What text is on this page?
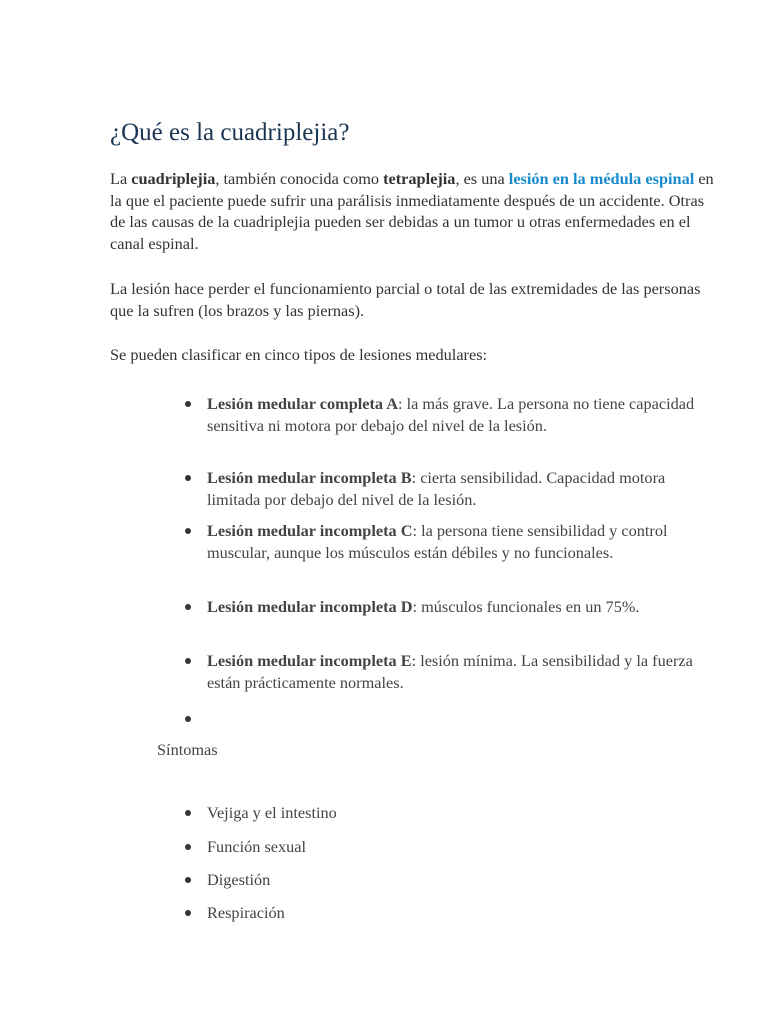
¿Qué es la cuadriplejia?

La cuadriplejia, también conocida como tetraplejia, es una lesión en la médula espinal en la que el paciente puede sufrir una parálisis inmediatamente después de un accidente. Otras de las causas de la cuadriplejia pueden ser debidas a un tumor u otras enfermedades en el canal espinal.

La lesión hace perder el funcionamiento parcial o total de las extremidades de las personas que la sufren (los brazos y las piernas).

Se pueden clasificar en cinco tipos de lesiones medulares:

Lesión medular completa A: la más grave. La persona no tiene capacidad sensitiva ni motora por debajo del nivel de la lesión.
Lesión medular incompleta B: cierta sensibilidad. Capacidad motora limitada por debajo del nivel de la lesión.
Lesión medular incompleta C: la persona tiene sensibilidad y control muscular, aunque los músculos están débiles y no funcionales.
Lesión medular incompleta D: músculos funcionales en un 75%.
Lesión medular incompleta E: lesión mínima. La sensibilidad y la fuerza están prácticamente normales.
Síntomas
Vejiga y el intestino
Función sexual
Digestión
Respiración
